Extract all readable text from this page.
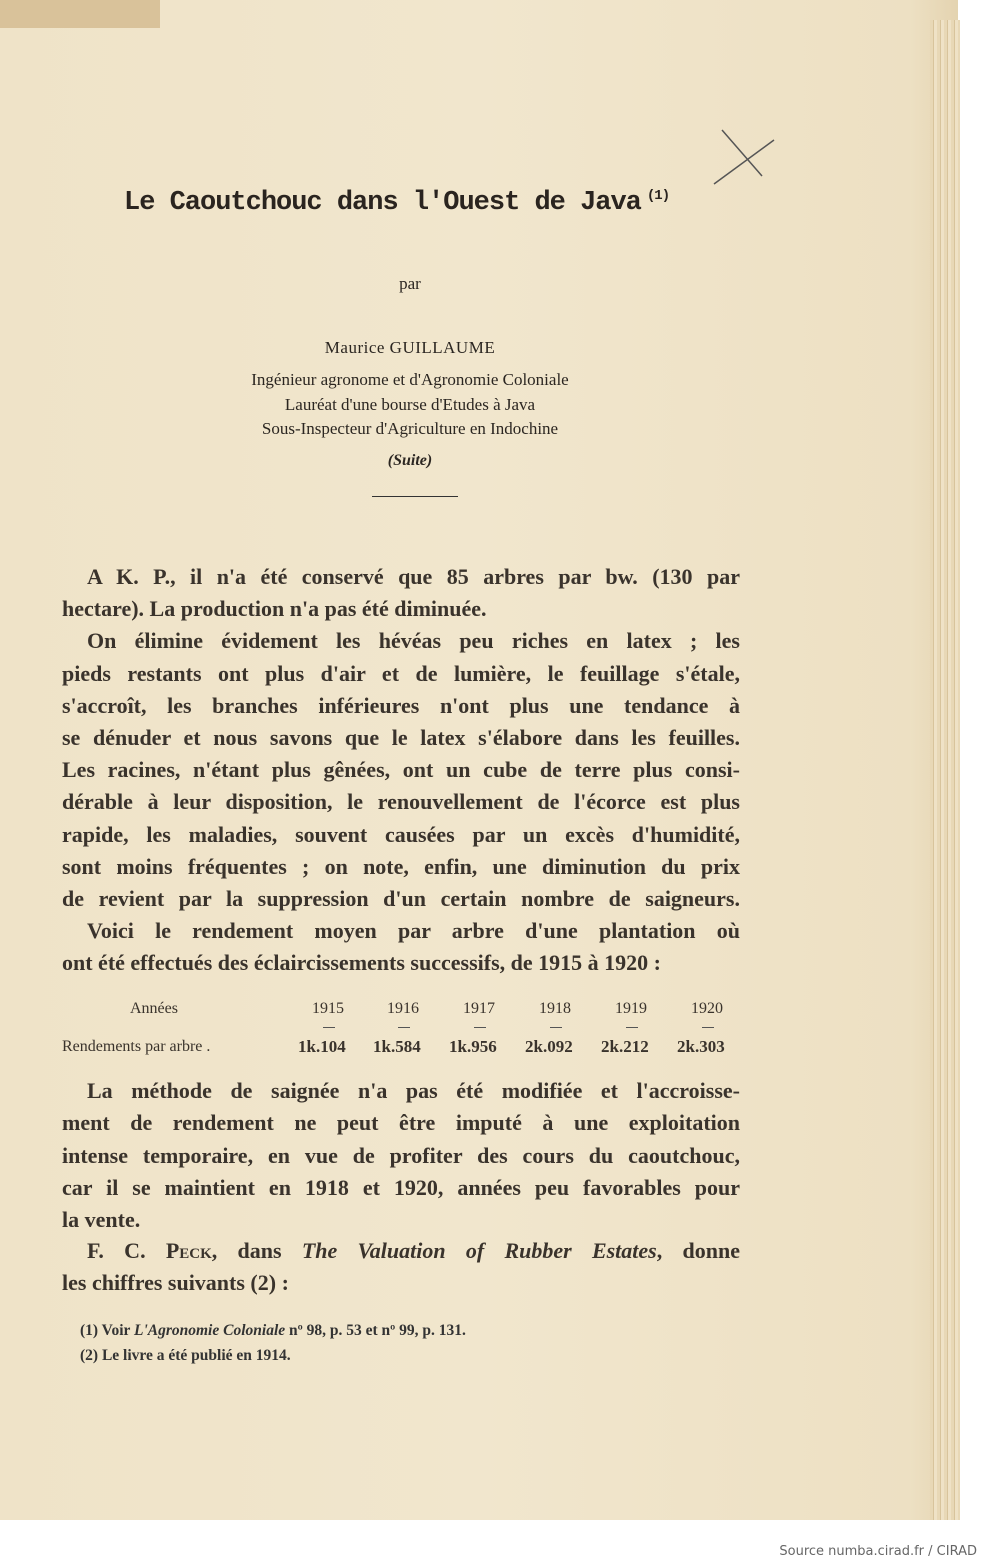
Le Caoutchouc dans l'Ouest de Java $^{(1)}$
par
Maurice GUILLAUME
Ingénieur agronome et d'Agronomie Coloniale
Lauréat d'une bourse d'Etudes à Java
Sous-Inspecteur d'Agriculture en Indochine
(Suite)
A K. P., il n'a été conservé que 85 arbres par bw. (130 par
hectare). La production n'a pas été diminuée.
On élimine évidement les hévéas peu riches en latex ; les
pieds restants ont plus d'air et de lumière, le feuillage s'étale,
s'accroît, les branches inférieures n'ont plus une tendance à
se dénuder et nous savons que le latex s'élabore dans les feuilles.
Les racines, n'étant plus gênées, ont un cube de terre plus consi-
dérable à leur disposition, le renouvellement de l'écorce est plus
rapide, les maladies, souvent causées par un excès d'humidité,
sont moins fréquentes ; on note, enfin, une diminution du prix
de revient par la suppression d'un certain nombre de saigneurs.
Voici le rendement moyen par arbre d'une plantation où
ont été effectués des éclaircissements successifs, de 1915 à 1920 :
Années
Rendements par arbre .
1915
1k.104
1916
1k.584
1917
1k.956
1918
2k.092
1919
2k.212
1920
2k.303
La méthode de saignée n'a pas été modifiée et l'accroisse-
ment de rendement ne peut être imputé à une exploitation
intense temporaire, en vue de profiter des cours du caoutchouc,
car il se maintient en 1918 et 1920, années peu favorables pour
la vente.
F. C. Peck, dans The Valuation of Rubber Estates, donne
les chiffres suivants (2) :
(1) Voir L'Agronomie Coloniale nº 98, p. 53 et nº 99, p. 131.
(2) Le livre a été publié en 1914.
Source numba.cirad.fr / CIRAD
